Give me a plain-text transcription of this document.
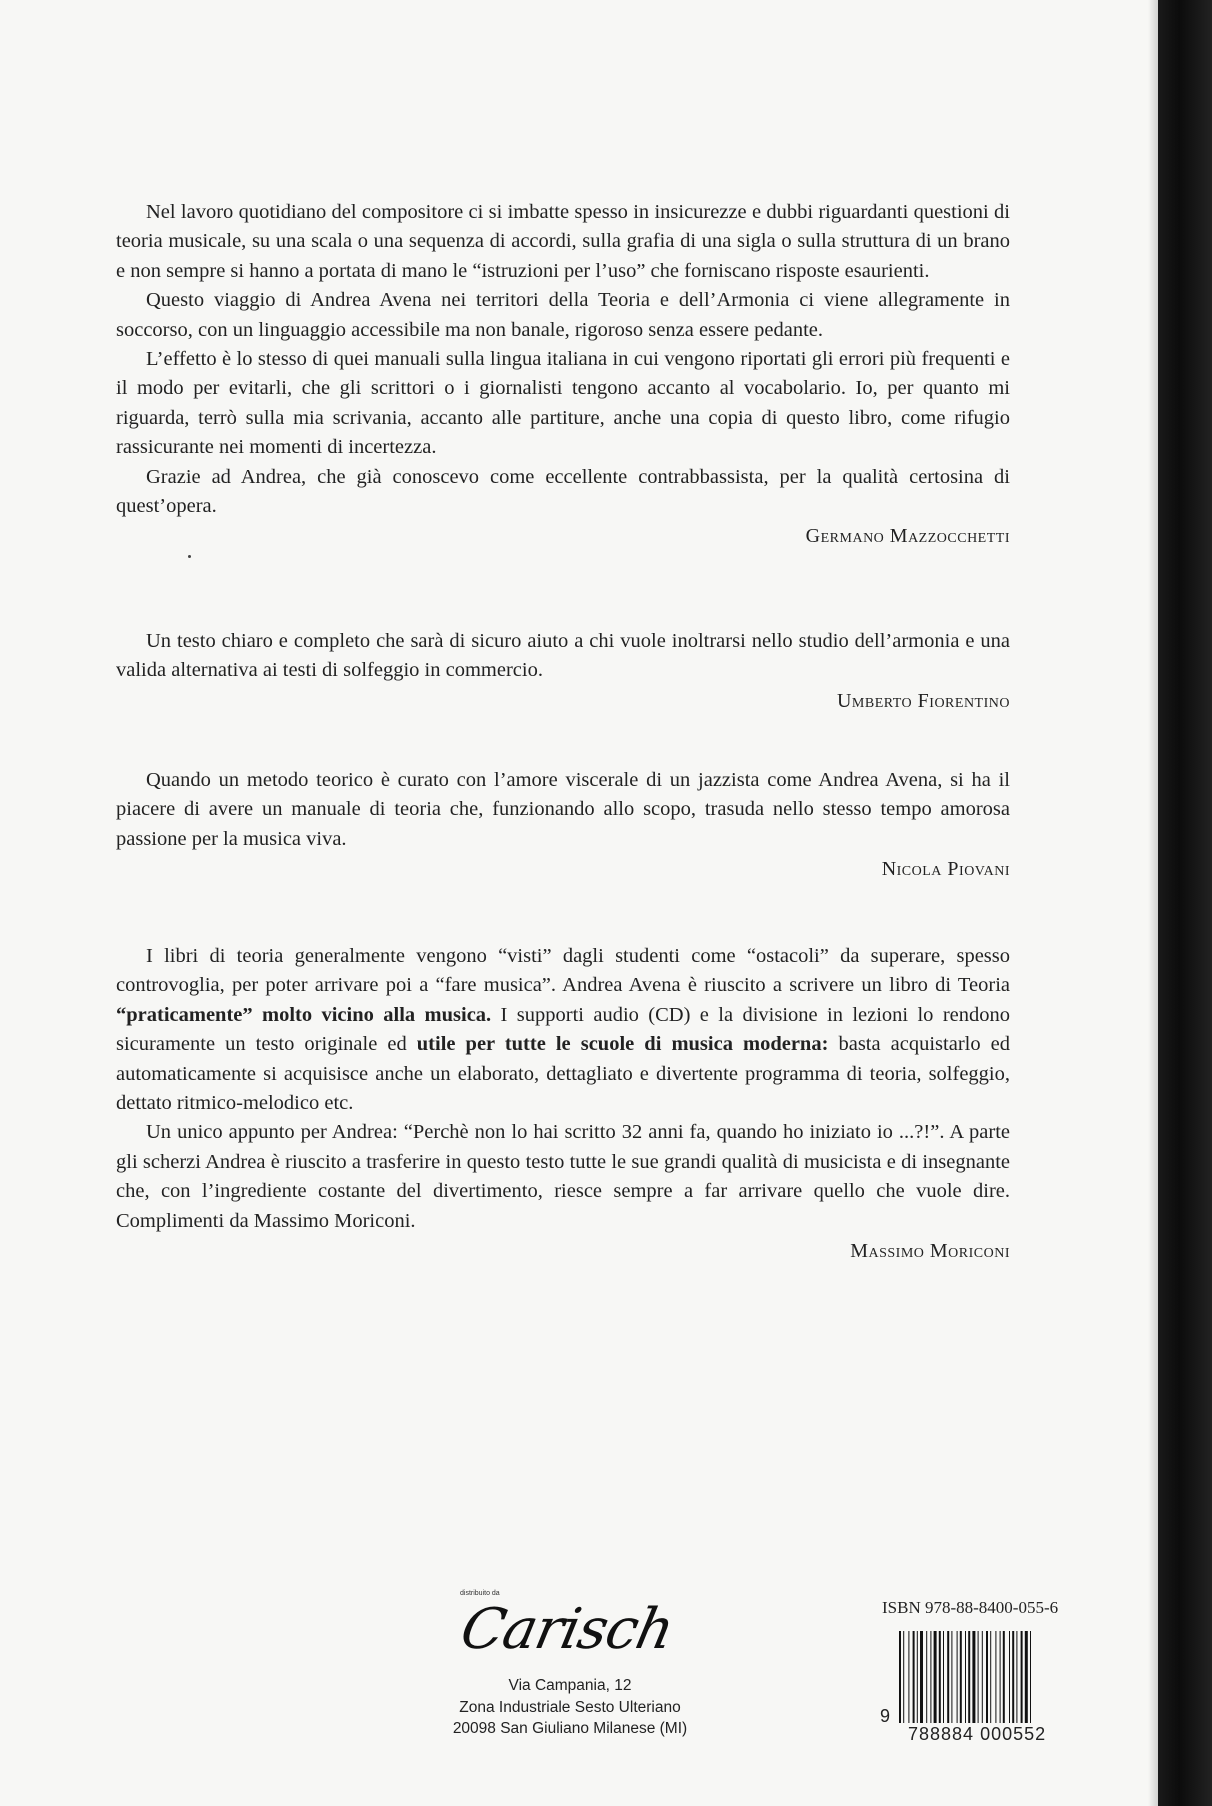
Nel lavoro quotidiano del compositore ci si imbatte spesso in insicurezze e dubbi riguardanti questioni di teoria musicale, su una scala o una sequenza di accordi, sulla grafia di una sigla o sulla struttura di un brano e non sempre si hanno a portata di mano le “istruzioni per l’uso” che forniscano risposte esaurienti.

Questo viaggio di Andrea Avena nei territori della Teoria e dell’Armonia ci viene allegramente in soccorso, con un linguaggio accessibile ma non banale, rigoroso senza essere pedante.

L’effetto è lo stesso di quei manuali sulla lingua italiana in cui vengono riportati gli errori più frequenti e il modo per evitarli, che gli scrittori o i giornalisti tengono accanto al vocabolario. Io, per quanto mi riguarda, terrò sulla mia scrivania, accanto alle partiture, anche una copia di questo libro, come rifugio rassicurante nei momenti di incertezza.

Grazie ad Andrea, che già conoscevo come eccellente contrabbassista, per la qualità certosina di quest’opera.

Germano Mazzocchetti

Un testo chiaro e completo che sarà di sicuro aiuto a chi vuole inoltrarsi nello studio dell’armonia e una valida alternativa ai testi di solfeggio in commercio.

Umberto Fiorentino

Quando un metodo teorico è curato con l’amore viscerale di un jazzista come Andrea Avena, si ha il piacere di avere un manuale di teoria che, funzionando allo scopo, trasuda nello stesso tempo amorosa passione per la musica viva.

Nicola Piovani

I libri di teoria generalmente vengono “visti” dagli studenti come “ostacoli” da superare, spesso controvoglia, per poter arrivare poi a “fare musica”. Andrea Avena è riuscito a scrivere un libro di Teoria “praticamente” molto vicino alla musica. I supporti audio (CD) e la divisione in lezioni lo rendono sicuramente un testo originale ed utile per tutte le scuole di musica moderna: basta acquistarlo ed automaticamente si acquisisce anche un elaborato, dettagliato e divertente programma di teoria, solfeggio, dettato ritmico-melodico etc.

Un unico appunto per Andrea: “Perchè non lo hai scritto 32 anni fa, quando ho iniziato io ...?!”. A parte gli scherzi Andrea è riuscito a trasferire in questo testo tutte le sue grandi qualità di musicista e di insegnante che, con l’ingrediente costante del divertimento, riesce sempre a far arrivare quello che vuole dire. Complimenti da Massimo Moriconi.

Massimo Moriconi
distribuito da
Carisch
Via Campania, 12
Zona Industriale Sesto Ulteriano
20098 San Giuliano Milanese (MI)
ISBN 978-88-8400-055-6
9
788884 000552
